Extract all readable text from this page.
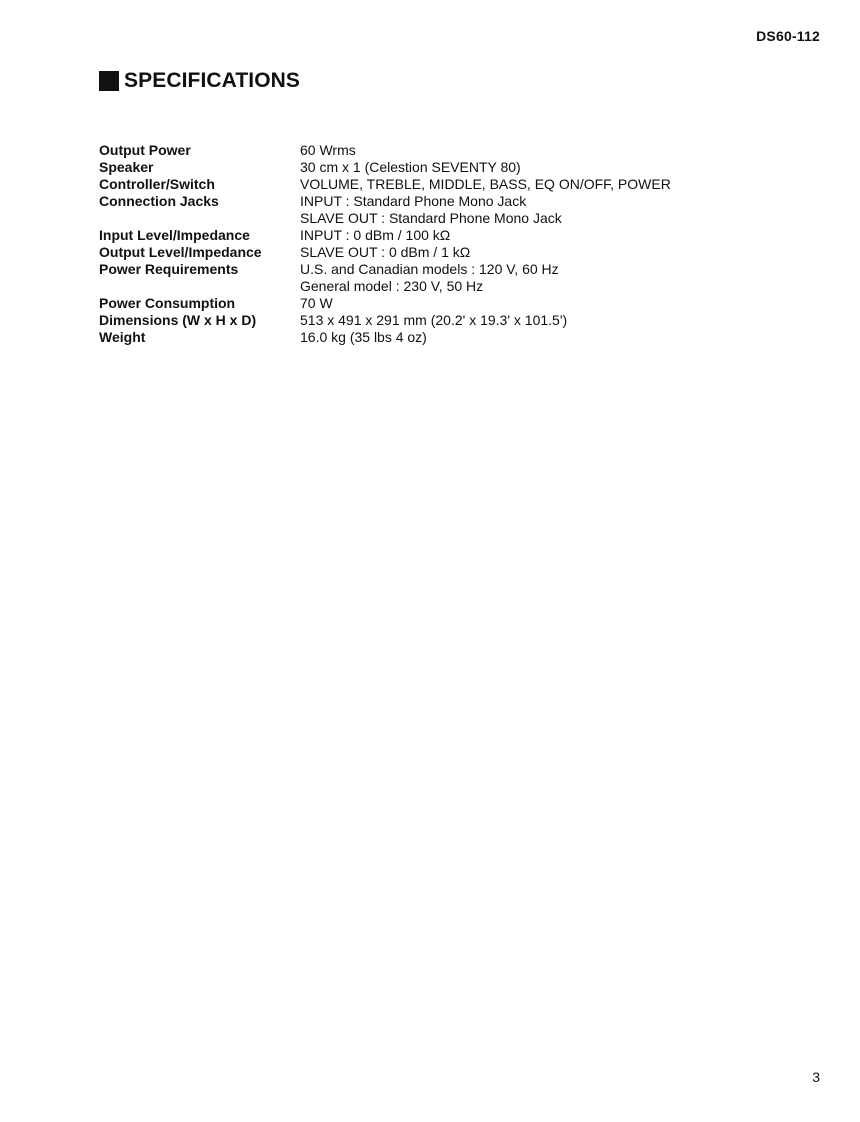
DS60-112
SPECIFICATIONS
Output Power	60 Wrms

Speaker	30 cm x 1 (Celestion SEVENTY 80)

Controller/Switch	VOLUME, TREBLE, MIDDLE, BASS, EQ ON/OFF, POWER

Connection Jacks	INPUT : Standard Phone Mono Jack
SLAVE OUT : Standard Phone Mono Jack

Input Level/Impedance	INPUT : 0 dBm / 100 kΩ

Output Level/Impedance	SLAVE OUT : 0 dBm / 1 kΩ

Power Requirements	U.S. and Canadian models : 120 V, 60 Hz
General model : 230 V, 50 Hz

Power Consumption	70 W

Dimensions (W x H x D)	513 x 491 x 291 mm (20.2' x 19.3' x 101.5')

Weight	16.0 kg (35 lbs 4 oz)
3
